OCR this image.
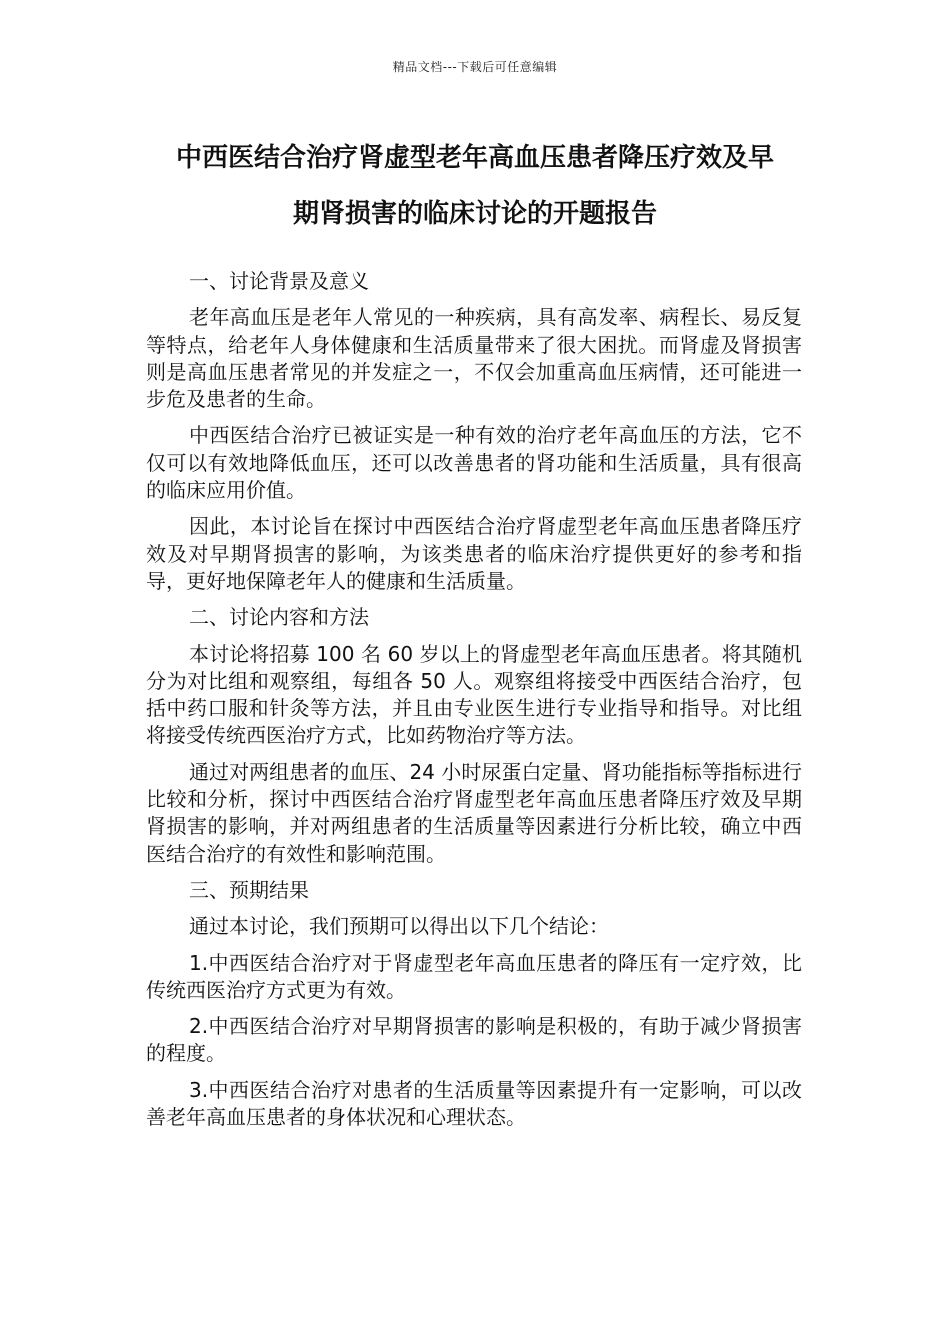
精品文档---下载后可任意编辑
中西医结合治疗肾虚型老年高血压患者降压疗效及早
期肾损害的临床讨论的开题报告

一、讨论背景及意义

老年高血压是老年人常见的一种疾病，具有高发率、病程长、易反复等特点，给老年人身体健康和生活质量带来了很大困扰。而肾虚及肾损害则是高血压患者常见的并发症之一，不仅会加重高血压病情，还可能进一步危及患者的生命。

中西医结合治疗已被证实是一种有效的治疗老年高血压的方法，它不仅可以有效地降低血压，还可以改善患者的肾功能和生活质量，具有很高的临床应用价值。

因此，本讨论旨在探讨中西医结合治疗肾虚型老年高血压患者降压疗效及对早期肾损害的影响，为该类患者的临床治疗提供更好的参考和指导，更好地保障老年人的健康和生活质量。

二、讨论内容和方法

本讨论将招募 100 名 60 岁以上的肾虚型老年高血压患者。将其随机分为对比组和观察组，每组各 50 人。观察组将接受中西医结合治疗，包括中药口服和针灸等方法，并且由专业医生进行专业指导和指导。对比组将接受传统西医治疗方式，比如药物治疗等方法。

通过对两组患者的血压、24 小时尿蛋白定量、肾功能指标等指标进行比较和分析，探讨中西医结合治疗肾虚型老年高血压患者降压疗效及早期肾损害的影响，并对两组患者的生活质量等因素进行分析比较，确立中西医结合治疗的有效性和影响范围。

三、预期结果

通过本讨论，我们预期可以得出以下几个结论：

1.中西医结合治疗对于肾虚型老年高血压患者的降压有一定疗效，比传统西医治疗方式更为有效。

2.中西医结合治疗对早期肾损害的影响是积极的，有助于减少肾损害的程度。

3.中西医结合治疗对患者的生活质量等因素提升有一定影响，可以改善老年高血压患者的身体状况和心理状态。
